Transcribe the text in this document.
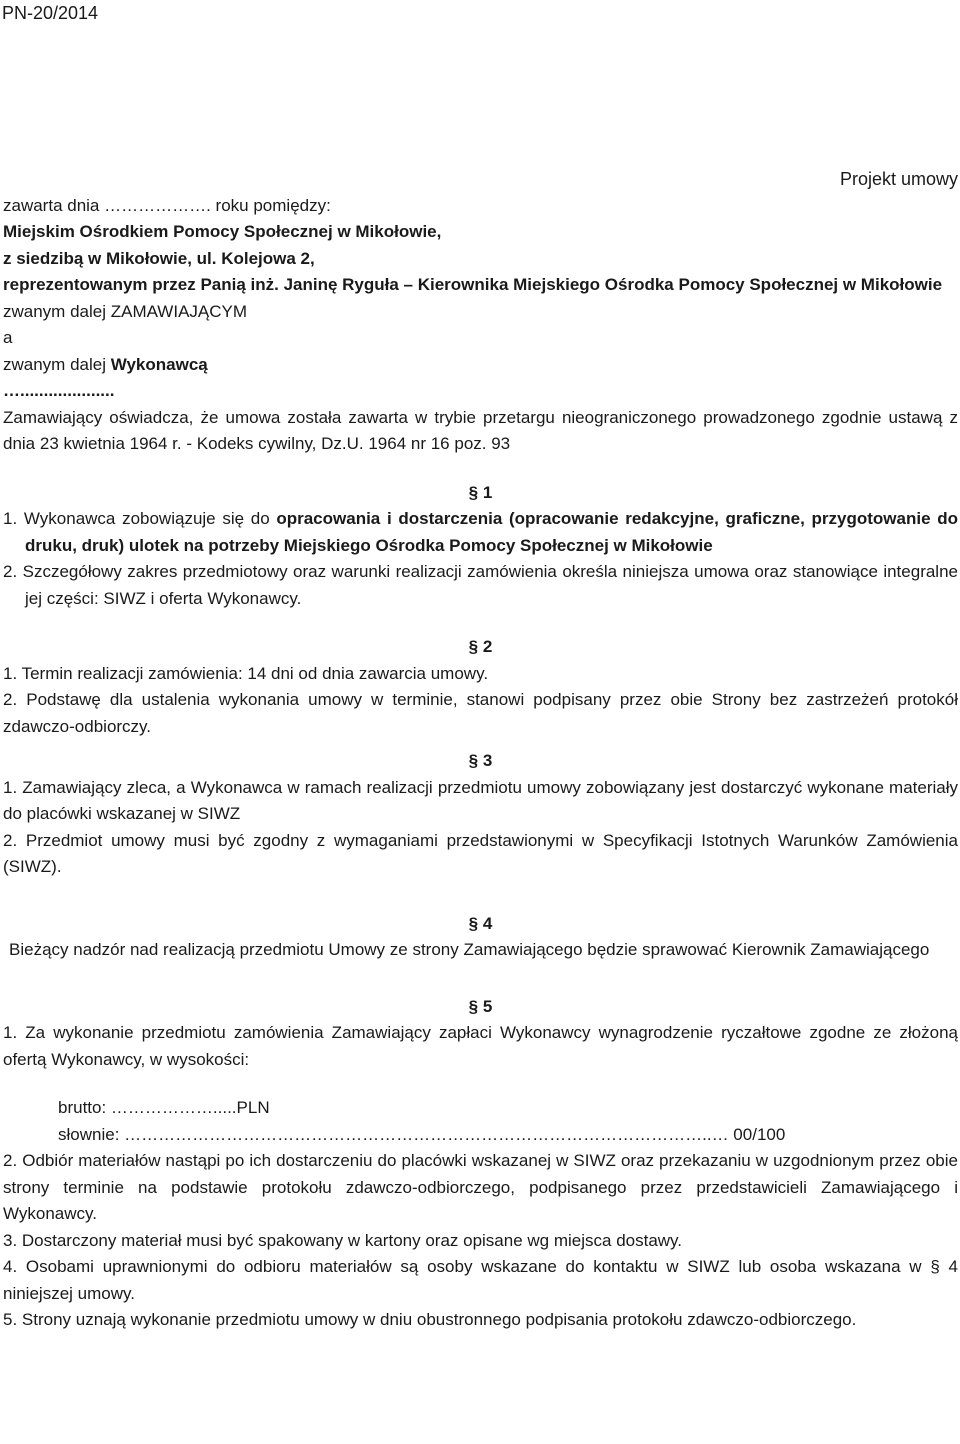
PN-20/2014
Projekt umowy
zawarta dnia ………………. roku pomiędzy:
Miejskim Ośrodkiem Pomocy Społecznej w Mikołowie,
z siedzibą w Mikołowie, ul. Kolejowa 2,
reprezentowanym przez Panią inż. Janinę Ryguła – Kierownika Miejskiego Ośrodka Pomocy Społecznej w Mikołowie
zwanym dalej ZAMAWIAJĄCYM
a
zwanym dalej Wykonawcą
…....................
Zamawiający oświadcza, że umowa została zawarta w trybie przetargu nieograniczonego prowadzonego zgodnie ustawą z dnia 23 kwietnia 1964 r. - Kodeks cywilny, Dz.U. 1964 nr 16 poz. 93
§ 1
1. Wykonawca zobowiązuje się do opracowania i dostarczenia (opracowanie redakcyjne, graficzne, przygotowanie do druku, druk) ulotek na potrzeby Miejskiego Ośrodka Pomocy Społecznej w Mikołowie
2. Szczegółowy zakres przedmiotowy oraz warunki realizacji zamówienia określa niniejsza umowa oraz stanowiące integralne jej części: SIWZ i oferta Wykonawcy.
§ 2
1. Termin realizacji zamówienia: 14 dni od dnia zawarcia umowy.
2. Podstawę dla ustalenia wykonania umowy w terminie, stanowi podpisany przez obie Strony bez zastrzeżeń protokół zdawczo-odbiorczy.
§ 3
1. Zamawiający zleca, a Wykonawca w ramach realizacji przedmiotu umowy zobowiązany jest dostarczyć wykonane materiały do placówki wskazanej w SIWZ
2. Przedmiot umowy musi być zgodny z wymaganiami przedstawionymi w Specyfikacji Istotnych Warunków Zamówienia (SIWZ).
§ 4
Bieżący nadzór nad realizacją przedmiotu Umowy ze strony Zamawiającego będzie sprawować Kierownik Zamawiającego
§ 5
1. Za wykonanie przedmiotu zamówienia Zamawiający zapłaci Wykonawcy wynagrodzenie ryczałtowe zgodne ze złożoną ofertą Wykonawcy, w wysokości:
brutto: ……………….....PLN
słownie: …………………………………………………………………………………………..… 00/100
2. Odbiór materiałów nastąpi po ich dostarczeniu do placówki wskazanej w SIWZ oraz przekazaniu w uzgodnionym przez obie strony terminie na podstawie protokołu zdawczo-odbiorczego, podpisanego przez przedstawicieli Zamawiającego i Wykonawcy.
3. Dostarczony materiał musi być spakowany w kartony oraz opisane wg miejsca dostawy.
4. Osobami uprawnionymi do odbioru materiałów są osoby wskazane do kontaktu w SIWZ lub osoba wskazana w § 4 niniejszej umowy.
5. Strony uznają wykonanie przedmiotu umowy w dniu obustronnego podpisania protokołu zdawczo-odbiorczego.
